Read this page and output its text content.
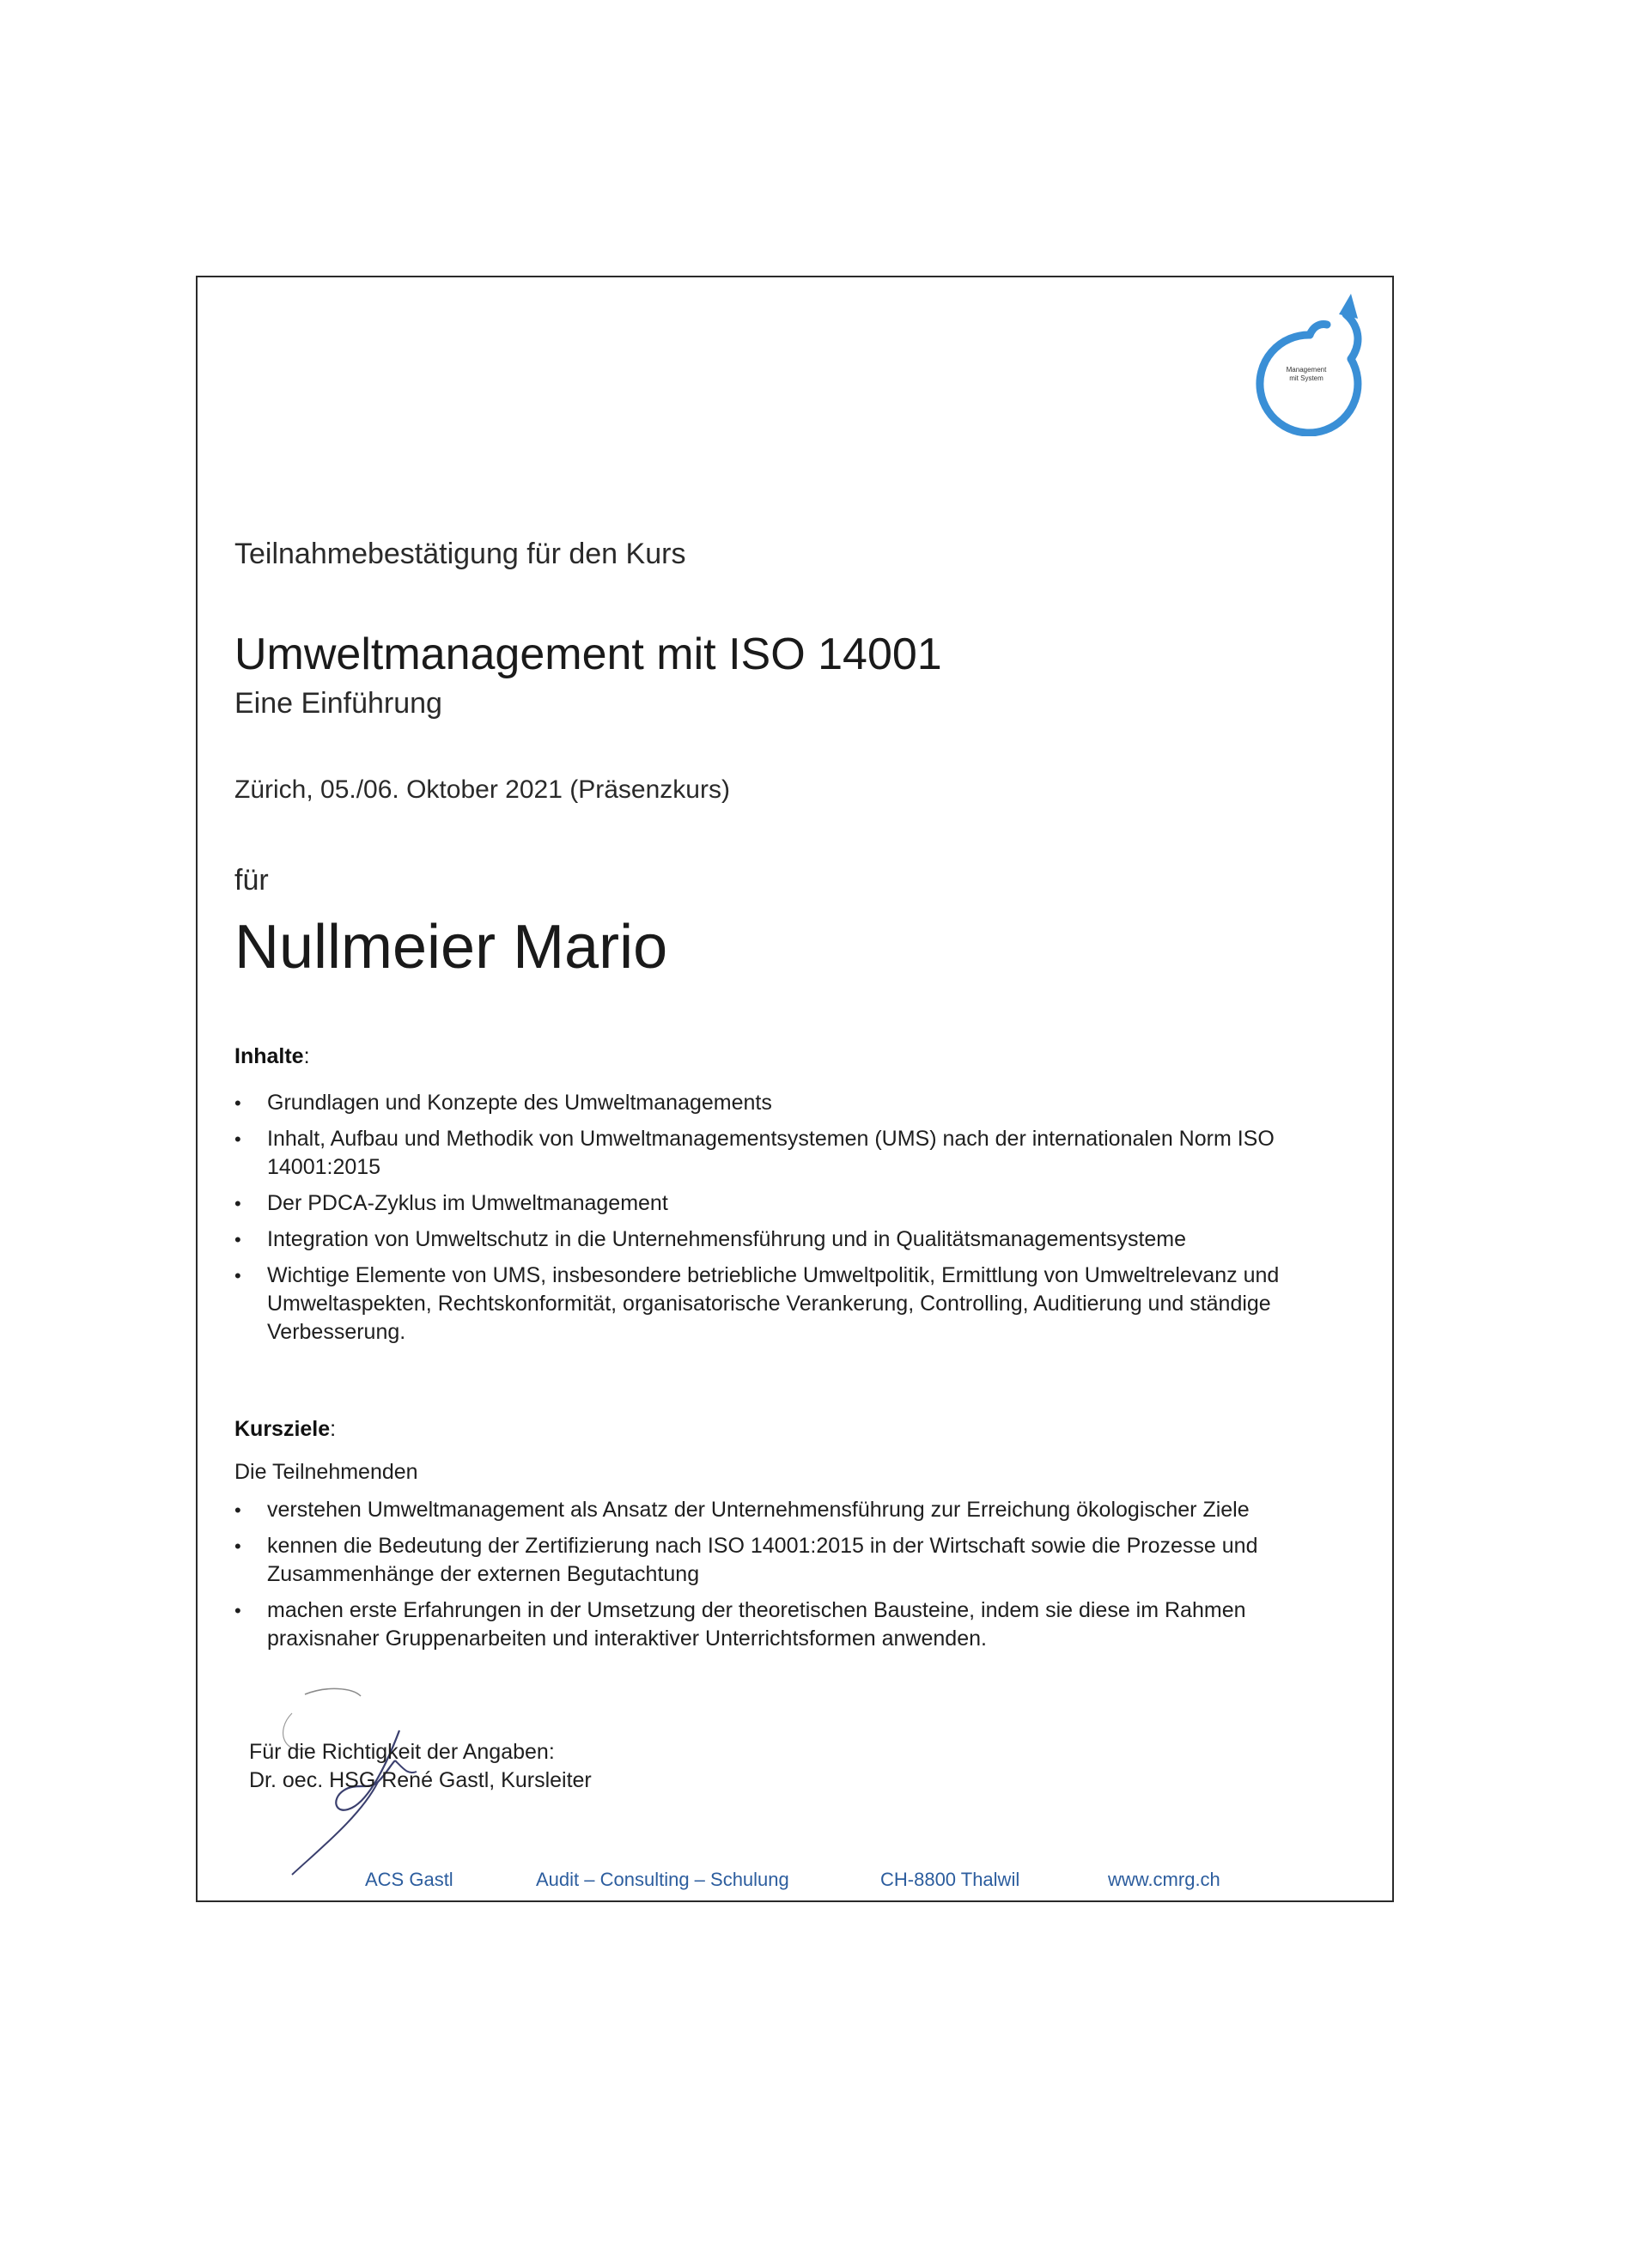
Management
mit System
Teilnahmebestätigung für den Kurs
Umweltmanagement mit ISO 14001
Eine Einführung
Zürich, 05./06. Oktober 2021 (Präsenzkurs)
für
Nullmeier Mario
Inhalte:
• Grundlagen und Konzepte des Umweltmanagements
• Inhalt, Aufbau und Methodik von Umweltmanagementsystemen (UMS) nach der internationalen Norm ISO 14001:2015
• Der PDCA-Zyklus im Umweltmanagement
• Integration von Umweltschutz in die Unternehmensführung und in Qualitätsmanagementsysteme
• Wichtige Elemente von UMS, insbesondere betriebliche Umweltpolitik, Ermittlung von Umweltrelevanz und Umweltaspekten, Rechtskonformität, organisatorische Verankerung, Controlling, Auditierung und ständige Verbesserung.
Kursziele:
Die Teilnehmenden
• verstehen Umweltmanagement als Ansatz der Unternehmensführung zur Erreichung ökologischer Ziele
• kennen die Bedeutung der Zertifizierung nach ISO 14001:2015 in der Wirtschaft sowie die Prozesse und Zusammenhänge der externen Begutachtung
• machen erste Erfahrungen in der Umsetzung der theoretischen Bausteine, indem sie diese im Rahmen praxisnaher Gruppenarbeiten und interaktiver Unterrichtsformen anwenden.
Für die Richtigkeit der Angaben:
Dr. oec. HSG René Gastl, Kursleiter
ACS Gastl	Audit – Consulting – Schulung	CH-8800 Thalwil	www.cmrg.ch
